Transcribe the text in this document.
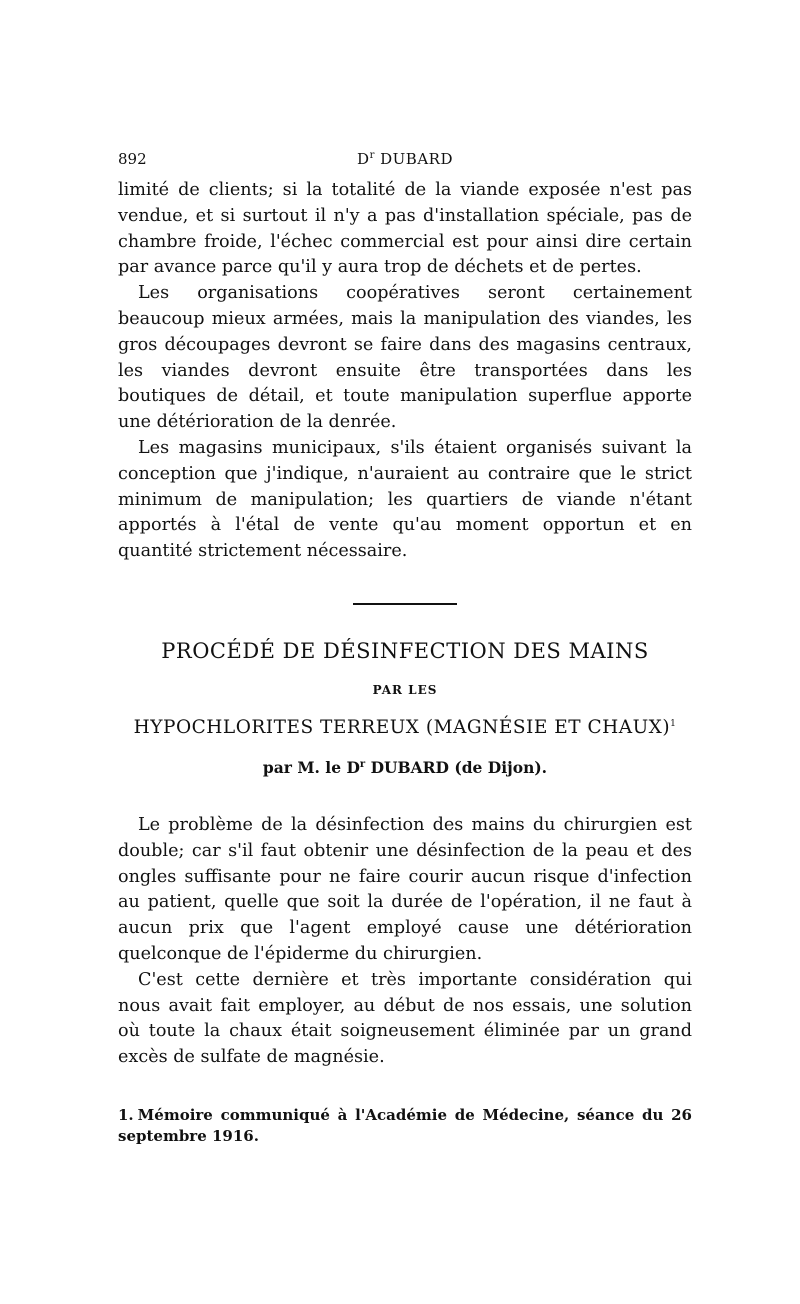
892	$D^r$ DUBARD

limité de clients; si la totalité de la viande exposée n'est pas vendue, et si surtout il n'y a pas d'installation spéciale, pas de chambre froide, l'échec commercial est pour ainsi dire certain par avance parce qu'il y aura trop de déchets et de pertes.

Les organisations coopératives seront certainement beaucoup mieux armées, mais la manipulation des viandes, les gros découpages devront se faire dans des magasins centraux, les viandes devront ensuite être transportées dans les boutiques de détail, et toute manipulation superflue apporte une détérioration de la denrée.

Les magasins municipaux, s'ils étaient organisés suivant la conception que j'indique, n'auraient au contraire que le strict minimum de manipulation; les quartiers de viande n'étant apportés à l'étal de vente qu'au moment opportun et en quantité strictement nécessaire.

PROCÉDÉ DE DÉSINFECTION DES MAINS
PAR LES
HYPOCHLORITES TERREUX (MAGNÉSIE ET CHAUX)$^1$
par M. le $D^r$ DUBARD (de Dijon).

Le problème de la désinfection des mains du chirurgien est double; car s'il faut obtenir une désinfection de la peau et des ongles suffisante pour ne faire courir aucun risque d'infection au patient, quelle que soit la durée de l'opération, il ne faut à aucun prix que l'agent employé cause une détérioration quelconque de l'épiderme du chirurgien.

C'est cette dernière et très importante considération qui nous avait fait employer, au début de nos essais, une solution où toute la chaux était soigneusement éliminée par un grand excès de sulfate de magnésie.

1. Mémoire communiqué à l'Académie de Médecine, séance du 26 septembre 1916.
